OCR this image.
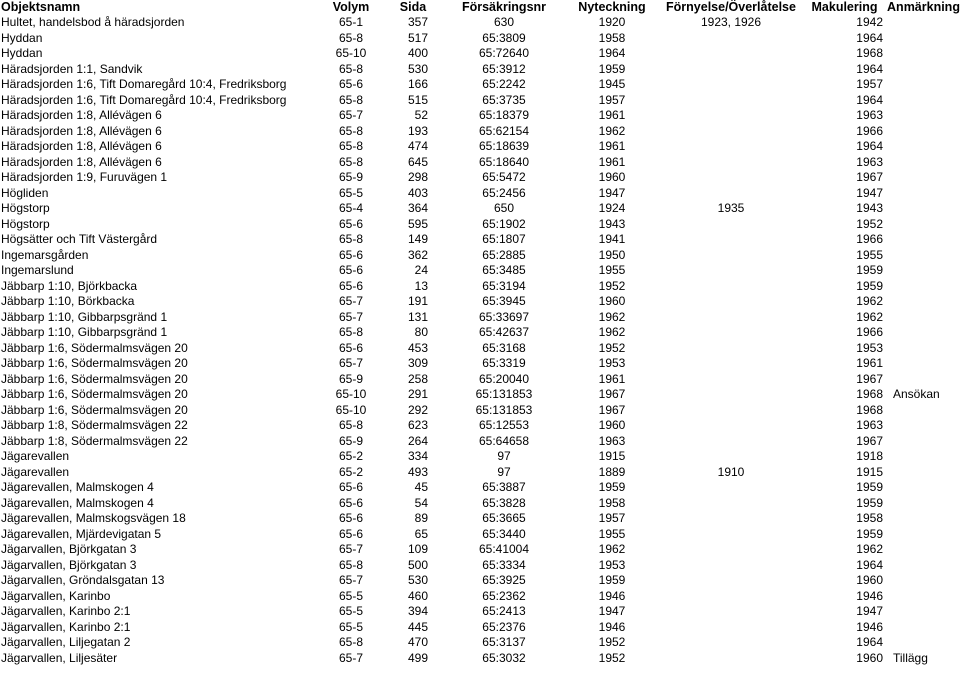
Objektsnamn	Volym	Sida	Försäkringsnr	Nyteckning	Förnyelse/Överlåtelse	Makulering	Anmärkning
Hultet, handelsbod å häradsjorden	65-1	357	630	1920	1923, 1926	1942	
Hyddan	65-8	517	65:3809	1958		1964	
Hyddan	65-10	400	65:72640	1964		1968	
Häradsjorden 1:1, Sandvik	65-8	530	65:3912	1959		1964	
Häradsjorden 1:6, Tift Domaregård 10:4, Fredriksborg	65-6	166	65:2242	1945		1957	
Häradsjorden 1:6, Tift Domaregård 10:4, Fredriksborg	65-8	515	65:3735	1957		1964	
Häradsjorden 1:8, Allévägen 6	65-7	52	65:18379	1961		1963	
Häradsjorden 1:8, Allévägen 6	65-8	193	65:62154	1962		1966	
Häradsjorden 1:8, Allévägen 6	65-8	474	65:18639	1961		1964	
Häradsjorden 1:8, Allévägen 6	65-8	645	65:18640	1961		1963	
Häradsjorden 1:9, Furuvägen 1	65-9	298	65:5472	1960		1967	
Högliden	65-5	403	65:2456	1947		1947	
Högstorp	65-4	364	650	1924	1935	1943	
Högstorp	65-6	595	65:1902	1943		1952	
Högsätter och Tift Västergård	65-8	149	65:1807	1941		1966	
Ingemarsgården	65-6	362	65:2885	1950		1955	
Ingemarslund	65-6	24	65:3485	1955		1959	
Jäbbarp 1:10, Björkbacka	65-6	13	65:3194	1952		1959	
Jäbbarp 1:10, Börkbacka	65-7	191	65:3945	1960		1962	
Jäbbarp 1:10, Gibbarpsgränd 1	65-7	131	65:33697	1962		1962	
Jäbbarp 1:10, Gibbarpsgränd 1	65-8	80	65:42637	1962		1966	
Jäbbarp 1:6, Södermalmsvägen 20	65-6	453	65:3168	1952		1953	
Jäbbarp 1:6, Södermalmsvägen 20	65-7	309	65:3319	1953		1961	
Jäbbarp 1:6, Södermalmsvägen 20	65-9	258	65:20040	1961		1967	
Jäbbarp 1:6, Södermalmsvägen 20	65-10	291	65:131853	1967		1968	Ansökan
Jäbbarp 1:6, Södermalmsvägen 20	65-10	292	65:131853	1967		1968	
Jäbbarp 1:8, Södermalmsvägen 22	65-8	623	65:12553	1960		1963	
Jäbbarp 1:8, Södermalmsvägen 22	65-9	264	65:64658	1963		1967	
Jägarevallen	65-2	334	97	1915		1918	
Jägarevallen	65-2	493	97	1889	1910	1915	
Jägarevallen, Malmskogen 4	65-6	45	65:3887	1959		1959	
Jägarevallen, Malmskogen 4	65-6	54	65:3828	1958		1959	
Jägarevallen, Malmskogsvägen 18	65-6	89	65:3665	1957		1958	
Jägarevallen, Mjärdevigatan 5	65-6	65	65:3440	1955		1959	
Jägarvallen, Björkgatan 3	65-7	109	65:41004	1962		1962	
Jägarvallen, Björkgatan 3	65-8	500	65:3334	1953		1964	
Jägarvallen, Gröndalsgatan 13	65-7	530	65:3925	1959		1960	
Jägarvallen, Karinbo	65-5	460	65:2362	1946		1946	
Jägarvallen, Karinbo 2:1	65-5	394	65:2413	1947		1947	
Jägarvallen, Karinbo 2:1	65-5	445	65:2376	1946		1946	
Jägarvallen, Liljegatan 2	65-8	470	65:3137	1952		1964	
Jägarvallen, Liljesäter	65-7	499	65:3032	1952		1960	Tillägg
